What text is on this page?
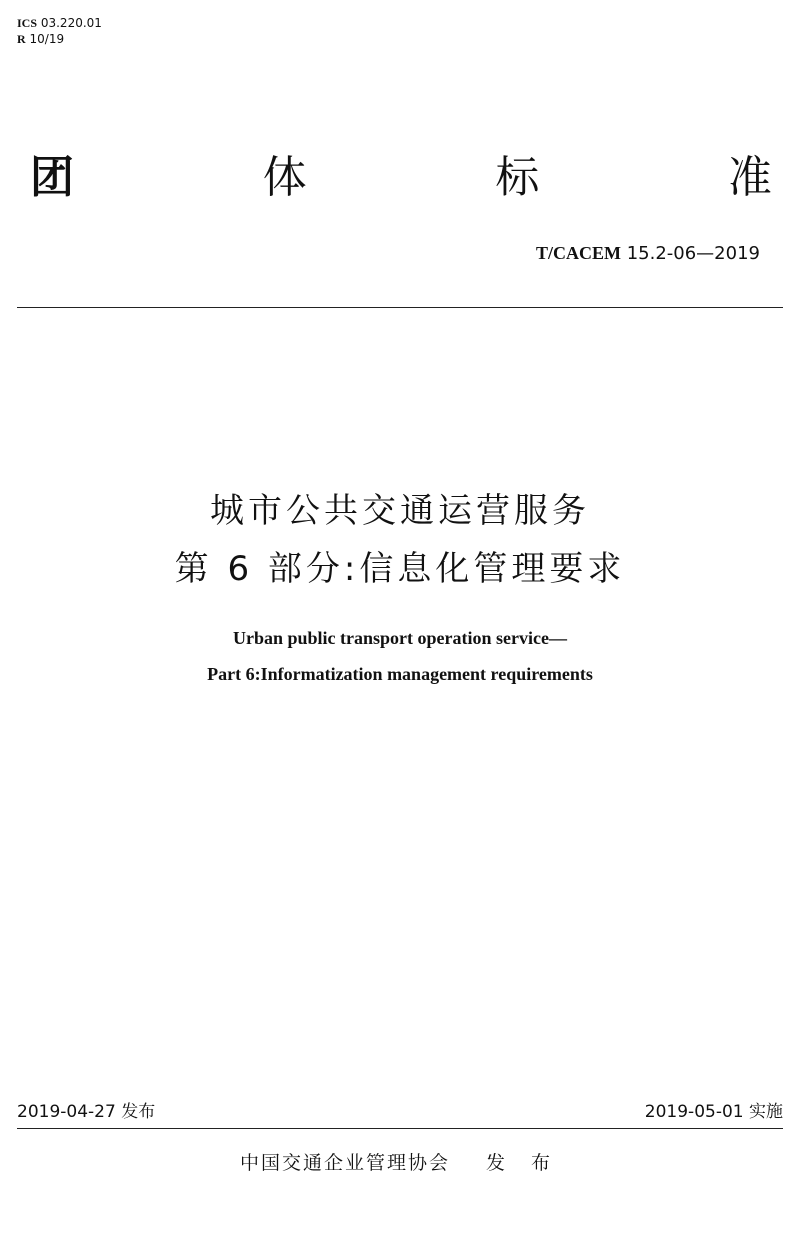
ICS 03.220.01
R 10/19
团	体	标	准
T/CACEM 15.2-06—2019
城市公共交通运营服务
第 6 部分:信息化管理要求
Urban public transport operation service—
Part 6:Informatization management requirements
2019-04-27 发布	2019-05-01 实施
中国交通企业管理协会 发 布
